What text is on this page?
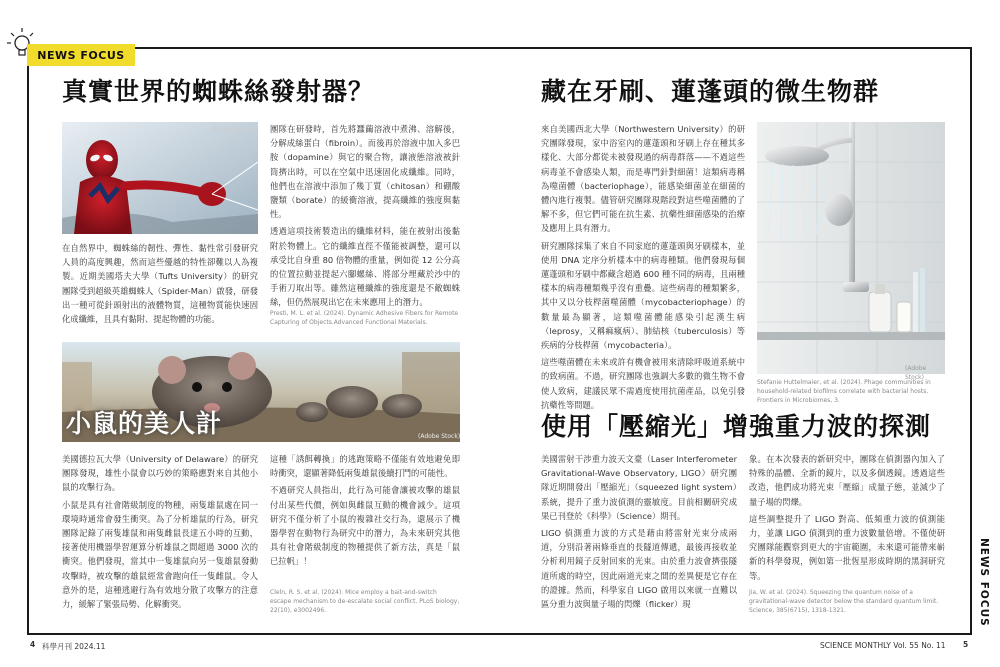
NEWS FOCUS
真實世界的蜘蛛絲發射器？
(Adobe Stock)
在自然界中，蜘蛛絲的韌性、彈性、黏性常引發研究人員的高度興趣，然而這些優越的特性卻難以人為複製。近期美國塔夫大學（Tufts University）的研究團隊受到超級英雄蜘蛛人（Spider-Man）啟發，研發出一種可從針頭射出的液體物質，這種物質能快速固化成纖維，且具有黏附、提起物體的功能。

團隊在研發時，首先將蠶繭溶液中煮沸、溶解後，分解成絲蛋白（fibroin）。而後再於溶液中加入多巴胺（dopamine）與它的聚合物，讓液態溶液被針筒擠出時，可以在空氣中迅速固化成纖維。同時，他們也在溶液中添加了幾丁質（chitosan）和硼酸鹽類（borate）的緩衝溶液，提高纖維的強度與黏性。

透過這項技術製造出的纖維材料，能在被射出後黏附於物體上。它的纖維直徑不僅能被調整，還可以承受比自身重 80 倍物體的重量，例如從 12 公分高的位置拉動並提起六腳螺絲、將部分埋藏於沙中的手術刀取出等。雖然這種纖維的強度還是不敵蜘蛛絲，但仍然展現出它在未來應用上的潛力。

Presti, M. L. et al. (2024). Dynamic Adhesive Fibers for Remote Capturing of Objects.Advanced Functional Materials.
小鼠的美人計	(Adobe Stock)

美國德拉瓦大學（University of Delaware）的研究團隊發現，雄性小鼠會以巧妙的策略應對來自其他小鼠的攻擊行為。

小鼠是具有社會階級制度的物種，兩隻雄鼠處在同一環境時通常會發生衝突。為了分析雄鼠的行為，研究團隊記錄了兩隻雄鼠和兩隻雌鼠長達五小時的互動，接著使用機器學習運算分析雄鼠之間超過 3000 次的衝突。他們發現，當其中一隻雄鼠向另一隻雄鼠發動攻擊時，被攻擊的雄鼠經常會跑向任一隻雌鼠。令人意外的是，這種逃避行為有效地分散了攻擊方的注意力，緩解了緊張局勢、化解衝突。

這種「誘餌轉換」的逃跑策略不僅能有效地避免即時衝突，還顯著降低兩隻雄鼠後續打鬥的可能性。

不過研究人員指出，此行為可能會讓被攻擊的雄鼠付出某些代價，例如與雌鼠互動的機會減少。這項研究不僅分析了小鼠的複雜社交行為，還展示了機器學習在動物行為研究中的潛力，為未來研究其他具有社會階級制度的物種提供了新方法，真是「鼠已拉帆」！

Cleln, R. S. et al. (2024). Mice employ a bait-and-switch escape mechanism to de-escalate social conflict. PLoS biology, 22(10), e3002496.
藏在牙刷、蓮蓬頭的微生物群

來自美國西北大學（Northwestern University）的研究團隊發現，家中浴室內的蓮蓬頭和牙刷上存在種其多樣化、大部分都從未被發現過的病毒群落——不過這些病毒並不會感染人類，而是專門針對細菌！這類病毒稱為噬菌體（bacteriophage），能感染細菌並在細菌的體內進行複製。儘管研究團隊現階段對這些噬菌體的了解不多，但它們可能在抗生素、抗藥性細菌感染的治療及應用上具有潛力。

研究團隊採集了來自不同家庭的蓮蓬頭與牙刷樣本，並使用 DNA 定序分析樣本中的病毒種類。他們發現每個蓮蓬頭和牙刷中都藏含超過 600 種不同的病毒，且兩種樣本的病毒種類幾乎沒有重疊。這些病毒的種類繁多，其中又以分枝桿菌噬菌體（mycobacteriophage）的數量最為顯著，這類噬菌體能感染引起漢生病（leprosy，又稱痲瘋病）、肺結核（tuberculosis）等疾病的分枝桿菌（mycobacteria）。

這些噬菌體在未來或許有機會被用來清除呼吸道系統中的致病菌。不過，研究團隊也強調大多數的微生物不會使人致病，建議民眾不需過度使用抗菌產品，以免引發抗藥性等問題。

(Adobe Stock)
Stefanie Huttelmaier, et al. (2024). Phage communities in household-related biofilms correlate with bacterial hosts. Frontiers in Microbiomes, 3.
使用「壓縮光」增強重力波的探測

美國雷射干涉重力波天文臺（Laser Interferometer Gravitational-Wave Observatory, LIGO）研究團隊近期開發出「壓縮光」（squeezed light system）系統，提升了重力波偵測的靈敏度。目前相關研究成果已刊登於《科學》（Science）期刊。

LIGO 偵測重力波的方式是藉由將雷射光束分成兩道，分別沿著兩條垂直的長隧道傳遞，最後再接收並分析利用鏡子反射回來的光束。由於重力波會擠張隧道所處的時空，因此兩道光束之間的差異便是它存在的證據。然而，科學家自 LIGO 啟用以來就一直難以區分重力波與量子場的閃爍（flicker）現

象。在本次發表的新研究中，團隊在偵測器內加入了特殊的晶體、全新的鏡片，以及多個透鏡。透過這些改造，他們成功將光束「壓縮」成量子態，並減少了量子場的閃爍。

這些調整提升了 LIGO 對高、低頻重力波的偵測能力，並讓 LIGO 偵測到的重力波數量倍增。不僅使研究團隊能觀察到更大的宇宙範圍，未來還可能帶來嶄新的科學發現，例如第一批恆星形成時期的黑洞研究等。

Jia, W. et al. (2024). Squeezing the quantum noise of a gravitational-wave detector below the standard quantum limit. Science, 385(6715), 1318-1321.	NEWS FOCUS
4 科學月刊 2024.11	SCIENCE MONTHLY Vol. 55 No. 11 5
